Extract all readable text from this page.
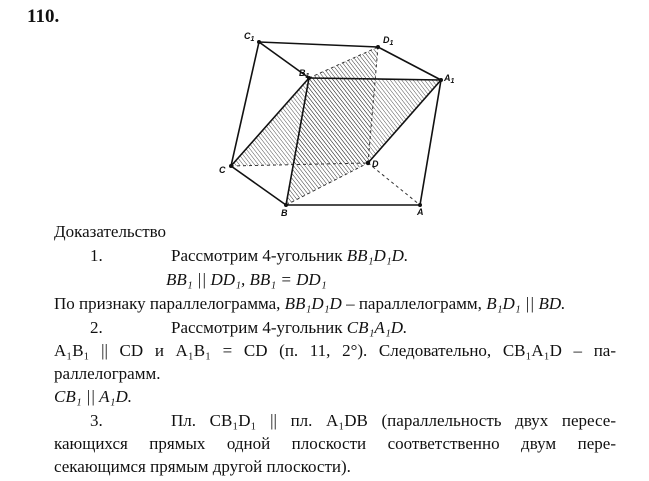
110.
$C_1$	$D_1$
$B_1$	$A_1$
C
D
B	A
Доказательство
1.	Рассмотрим 4-угольник BB₁D₁D.
BB₁ || DD₁, BB₁ = DD₁
По признаку параллелограмма, BB₁D₁D – параллелограмм, B₁D₁ || BD.
2.	Рассмотрим 4-угольник CB₁A₁D.
A₁B₁ || CD и A₁B₁ = CD (п. 11, 2°). Следовательно, CB₁A₁D – па-
раллелограмм.
CB₁ || A₁D.
3.	Пл. CB₁D₁ || пл. A₁DB (параллельность двух пересе-
кающихся прямых одной плоскости соответственно двум пере-
секающимся прямым другой плоскости).
